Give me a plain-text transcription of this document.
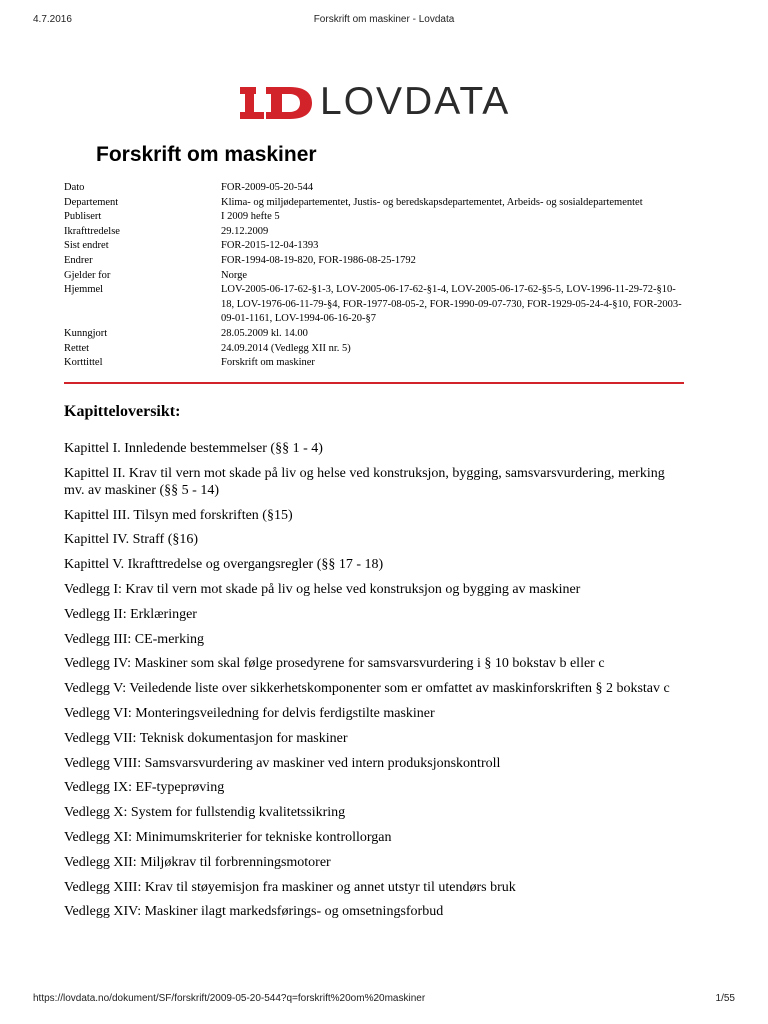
4.7.2016	Forskrift om maskiner - Lovdata
LOVDATA
Forskrift om maskiner
Dato	FOR-2009-05-20-544
Departement	Klima- og miljødepartementet, Justis- og beredskapsdepartementet, Arbeids- og sosialdepartementet
Publisert	I 2009 hefte 5
Ikrafttredelse	29.12.2009
Sist endret	FOR-2015-12-04-1393
Endrer	FOR-1994-08-19-820, FOR-1986-08-25-1792
Gjelder for	Norge
Hjemmel	LOV-2005-06-17-62-§1-3, LOV-2005-06-17-62-§1-4, LOV-2005-06-17-62-§5-5, LOV-1996-11-29-72-§10-18, LOV-1976-06-11-79-§4, FOR-1977-08-05-2, FOR-1990-09-07-730, FOR-1929-05-24-4-§10, FOR-2003-09-01-1161, LOV-1994-06-16-20-§7
Kunngjort	28.05.2009 kl. 14.00
Rettet	24.09.2014 (Vedlegg XII nr. 5)
Korttittel	Forskrift om maskiner
Kapitteloversikt:
Kapittel I. Innledende bestemmelser (§§ 1 - 4)
Kapittel II. Krav til vern mot skade på liv og helse ved konstruksjon, bygging, samsvarsvurdering, merking mv. av maskiner (§§ 5 - 14)
Kapittel III. Tilsyn med forskriften (§15)
Kapittel IV. Straff (§16)
Kapittel V. Ikrafttredelse og overgangsregler (§§ 17 - 18)
Vedlegg I: Krav til vern mot skade på liv og helse ved konstruksjon og bygging av maskiner
Vedlegg II: Erklæringer
Vedlegg III: CE-merking
Vedlegg IV: Maskiner som skal følge prosedyrene for samsvarsvurdering i § 10 bokstav b eller c
Vedlegg V: Veiledende liste over sikkerhetskomponenter som er omfattet av maskinforskriften § 2 bokstav c
Vedlegg VI: Monteringsveiledning for delvis ferdigstilte maskiner
Vedlegg VII: Teknisk dokumentasjon for maskiner
Vedlegg VIII: Samsvarsvurdering av maskiner ved intern produksjonskontroll
Vedlegg IX: EF-typeprøving
Vedlegg X: System for fullstendig kvalitetssikring
Vedlegg XI: Minimumskriterier for tekniske kontrollorgan
Vedlegg XII: Miljøkrav til forbrenningsmotorer
Vedlegg XIII: Krav til støyemisjon fra maskiner og annet utstyr til utendørs bruk
Vedlegg XIV: Maskiner ilagt markedsførings- og omsetningsforbud
https://lovdata.no/dokument/SF/forskrift/2009-05-20-544?q=forskrift%20om%20maskiner	1/55
